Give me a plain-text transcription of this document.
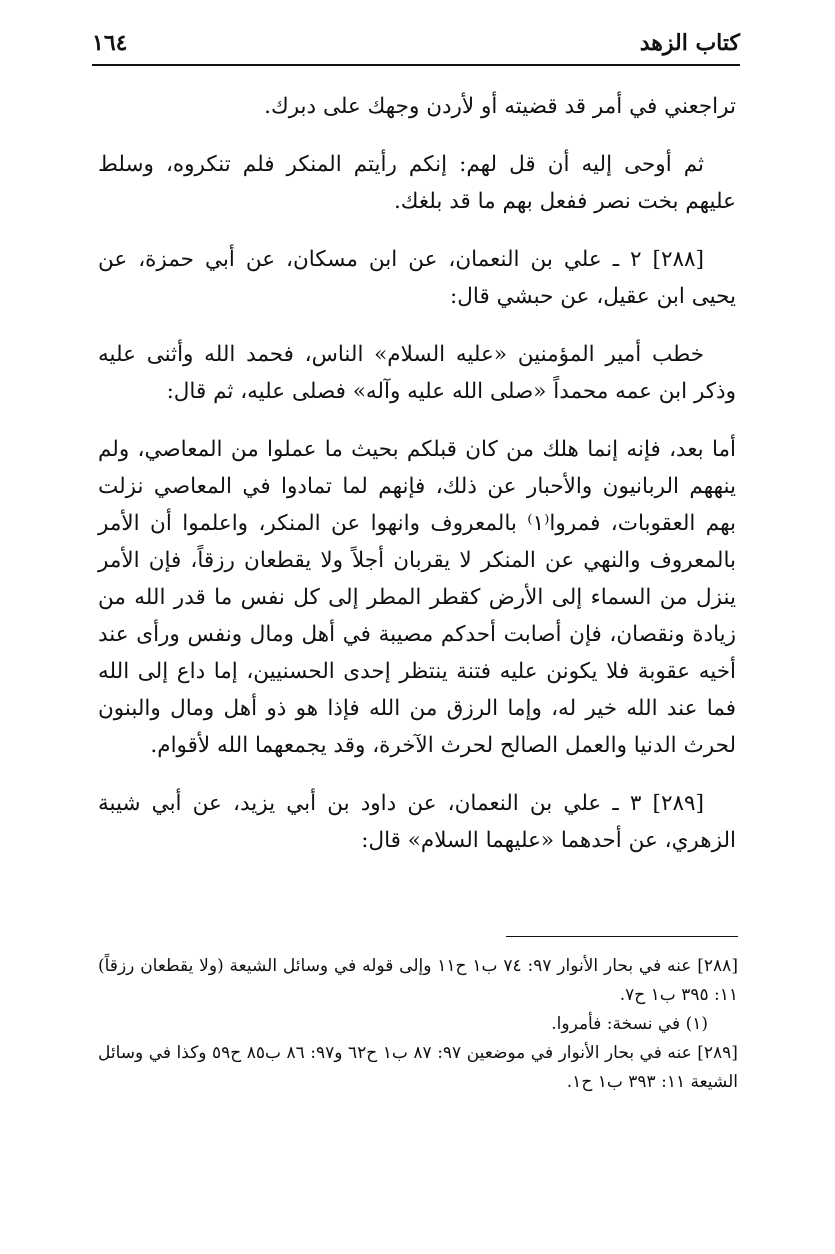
كتاب الزهد
١٦٤

تراجعني في أمر قد قضيته أو لأردن وجهك على دبرك.

ثم أوحى إليه أن قل لهم: إنكم رأيتم المنكر فلم تنكروه، وسلط عليهم بخت نصر ففعل بهم ما قد بلغك.

[٢٨٨] ٢ ـ علي بن النعمان، عن ابن مسكان، عن أبي حمزة، عن يحيى ابن عقيل، عن حبشي قال:

خطب أمير المؤمنين «عليه السلام» الناس، فحمد الله وأثنى عليه وذكر ابن عمه محمداً «صلى الله عليه وآله» فصلى عليه، ثم قال:

أما بعد، فإنه إنما هلك من كان قبلكم بحيث ما عملوا من المعاصي، ولم ينههم الربانيون والأحبار عن ذلك، فإنهم لما تمادوا في المعاصي نزلت بهم العقوبات، فمروا⁽١⁾ بالمعروف وانهوا عن المنكر، واعلموا أن الأمر بالمعروف والنهي عن المنكر لا يقربان أجلاً ولا يقطعان رزقاً، فإن الأمر ينزل من السماء إلى الأرض كقطر المطر إلى كل نفس ما قدر الله من زيادة ونقصان، فإن أصابت أحدكم مصيبة في أهل ومال ونفس ورأى عند أخيه عقوبة فلا يكونن عليه فتنة ينتظر إحدى الحسنيين، إما داع إلى الله فما عند الله خير له، وإما الرزق من الله فإذا هو ذو أهل ومال والبنون لحرث الدنيا والعمل الصالح لحرث الآخرة، وقد يجمعهما الله لأقوام.

[٢٨٩] ٣ ـ علي بن النعمان، عن داود بن أبي يزيد، عن أبي شيبة الزهري، عن أحدهما «عليهما السلام» قال:

[٢٨٨] عنه في بحار الأنوار ٩٧: ٧٤ ب١ ح١١ وإلى قوله في وسائل الشيعة (ولا يقطعان رزقاً) ١١: ٣٩٥ ب١ ح٧.
(١) في نسخة: فأمروا.
[٢٨٩] عنه في بحار الأنوار في موضعين ٩٧: ٨٧ ب١ ح٦٢ و٩٧: ٨٦ ب٨٥ ح٥٩ وكذا في وسائل الشيعة ١١: ٣٩٣ ب١ ح١.
